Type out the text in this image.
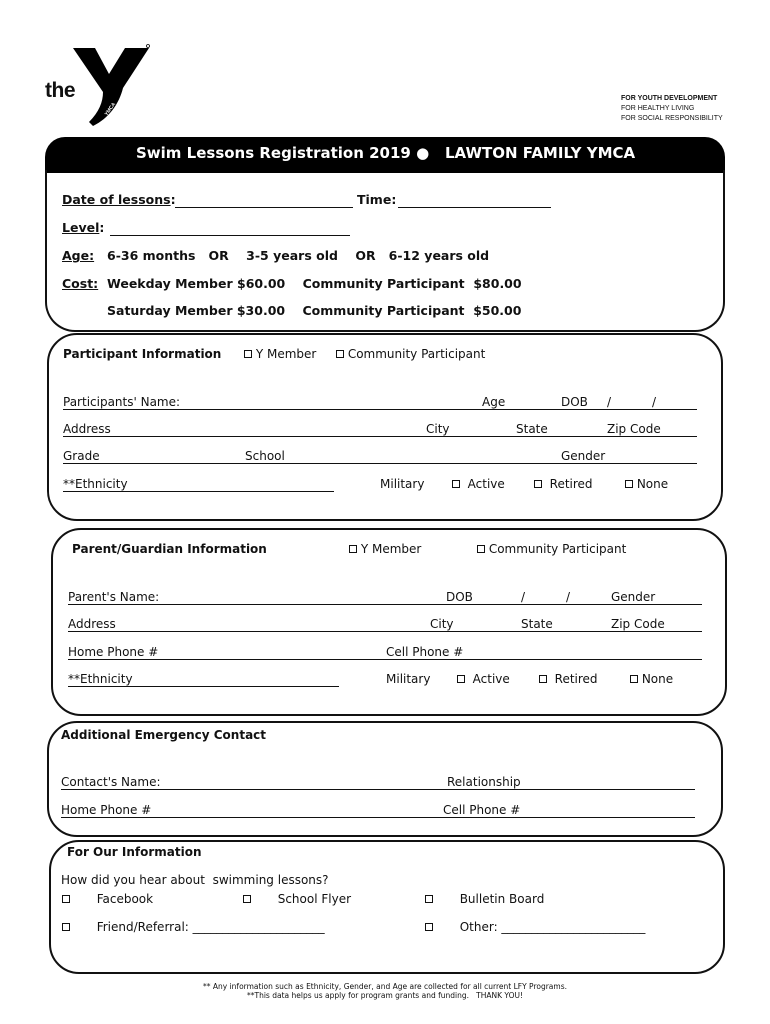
the
YMCA
FOR YOUTH DEVELOPMENT
FOR HEALTHY LIVING
FOR SOCIAL RESPONSIBILITY
Swim Lessons Registration 2019 ● LAWTON FAMILY YMCA
Date of lessons:	Time:
Level:
Age: 6-36 months   OR    3-5 years old    OR   6-12 years old
Cost: Weekday Member $60.00    Community Participant  $80.00
Saturday Member $30.00    Community Participant  $50.00
Participant Information	Y Member	Community Participant
Participants' Name:	Age	DOB /	/
Address	City	State	Zip Code
Grade	School	Gender
**Ethnicity	Military	Active	Retired	None
Parent/Guardian Information	Y Member	Community Participant
Parent's Name:	DOB	/	/	Gender
Address	City	State	Zip Code
Home Phone #	Cell Phone #
**Ethnicity	Military	Active	Retired	None
Additional Emergency Contact
Contact's Name:	Relationship
Home Phone #	Cell Phone #
For Our Information
How did you hear about  swimming lessons?
Facebook	School Flyer	Bulletin Board
Friend/Referral: ______________________	Other: ________________________
** Any information such as Ethnicity, Gender, and Age are collected for all current LFY Programs.
**This data helps us apply for program grants and funding.   THANK YOU!
